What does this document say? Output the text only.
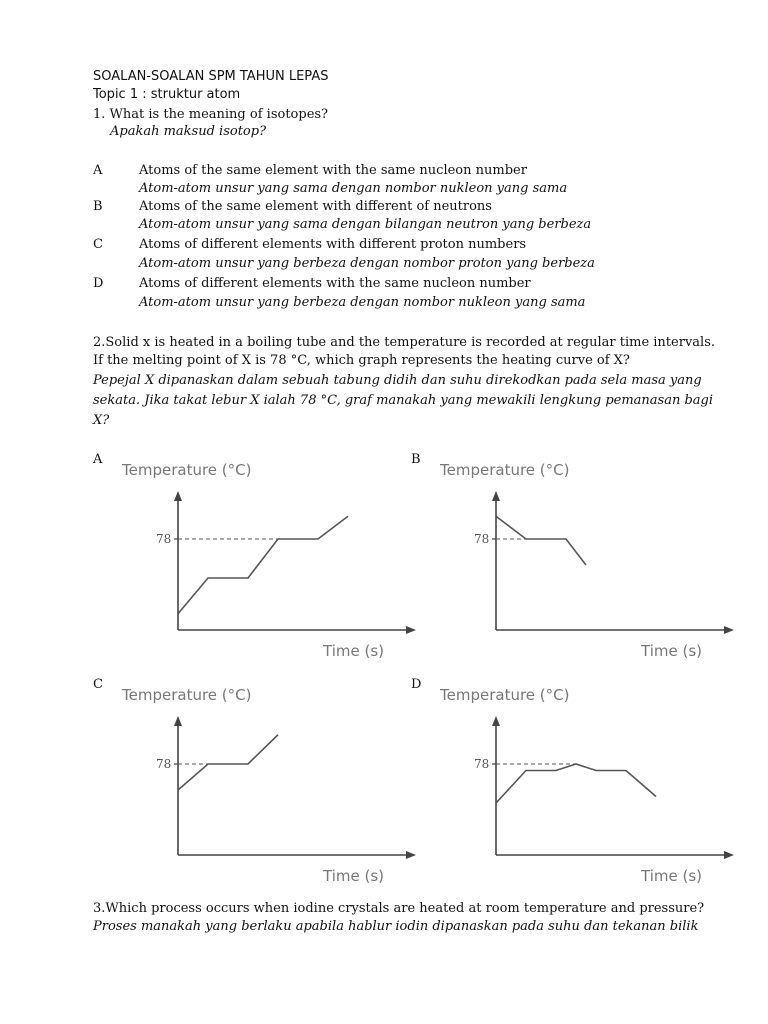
SOALAN-SOALAN SPM TAHUN LEPAS
Topic 1 : struktur atom
1. What is the meaning of isotopes?
Apakah maksud isotop?
A	Atoms of the same element with the same nucleon number
Atom-atom unsur yang sama dengan nombor nukleon yang sama
B	Atoms of the same element with different of neutrons
Atom-atom unsur yang sama dengan bilangan neutron yang berbeza
C	Atoms of different elements with different proton numbers
Atom-atom unsur yang berbeza dengan nombor proton yang berbeza
D	Atoms of different elements with the same nucleon number
Atom-atom unsur yang berbeza dengan nombor nukleon yang sama
2.Solid x is heated in a boiling tube and the temperature is recorded at regular time intervals.
If the melting point of X is 78 °C, which graph represents the heating curve of X?
Pepejal X dipanaskan dalam sebuah tabung didih dan suhu direkodkan pada sela masa yang
sekata. Jika takat lebur X ialah 78 °C, graf manakah yang mewakili lengkung pemanasan bagi
X?
A	B
C	D
Temperature (°C)
Time (s)
78
Temperature (°C)
Time (s)
78
Temperature (°C)
Time (s)
78
Temperature (°C)
Time (s)
78
3.Which process occurs when iodine crystals are heated at room temperature and pressure?
Proses manakah yang berlaku apabila hablur iodin dipanaskan pada suhu dan tekanan bilik
